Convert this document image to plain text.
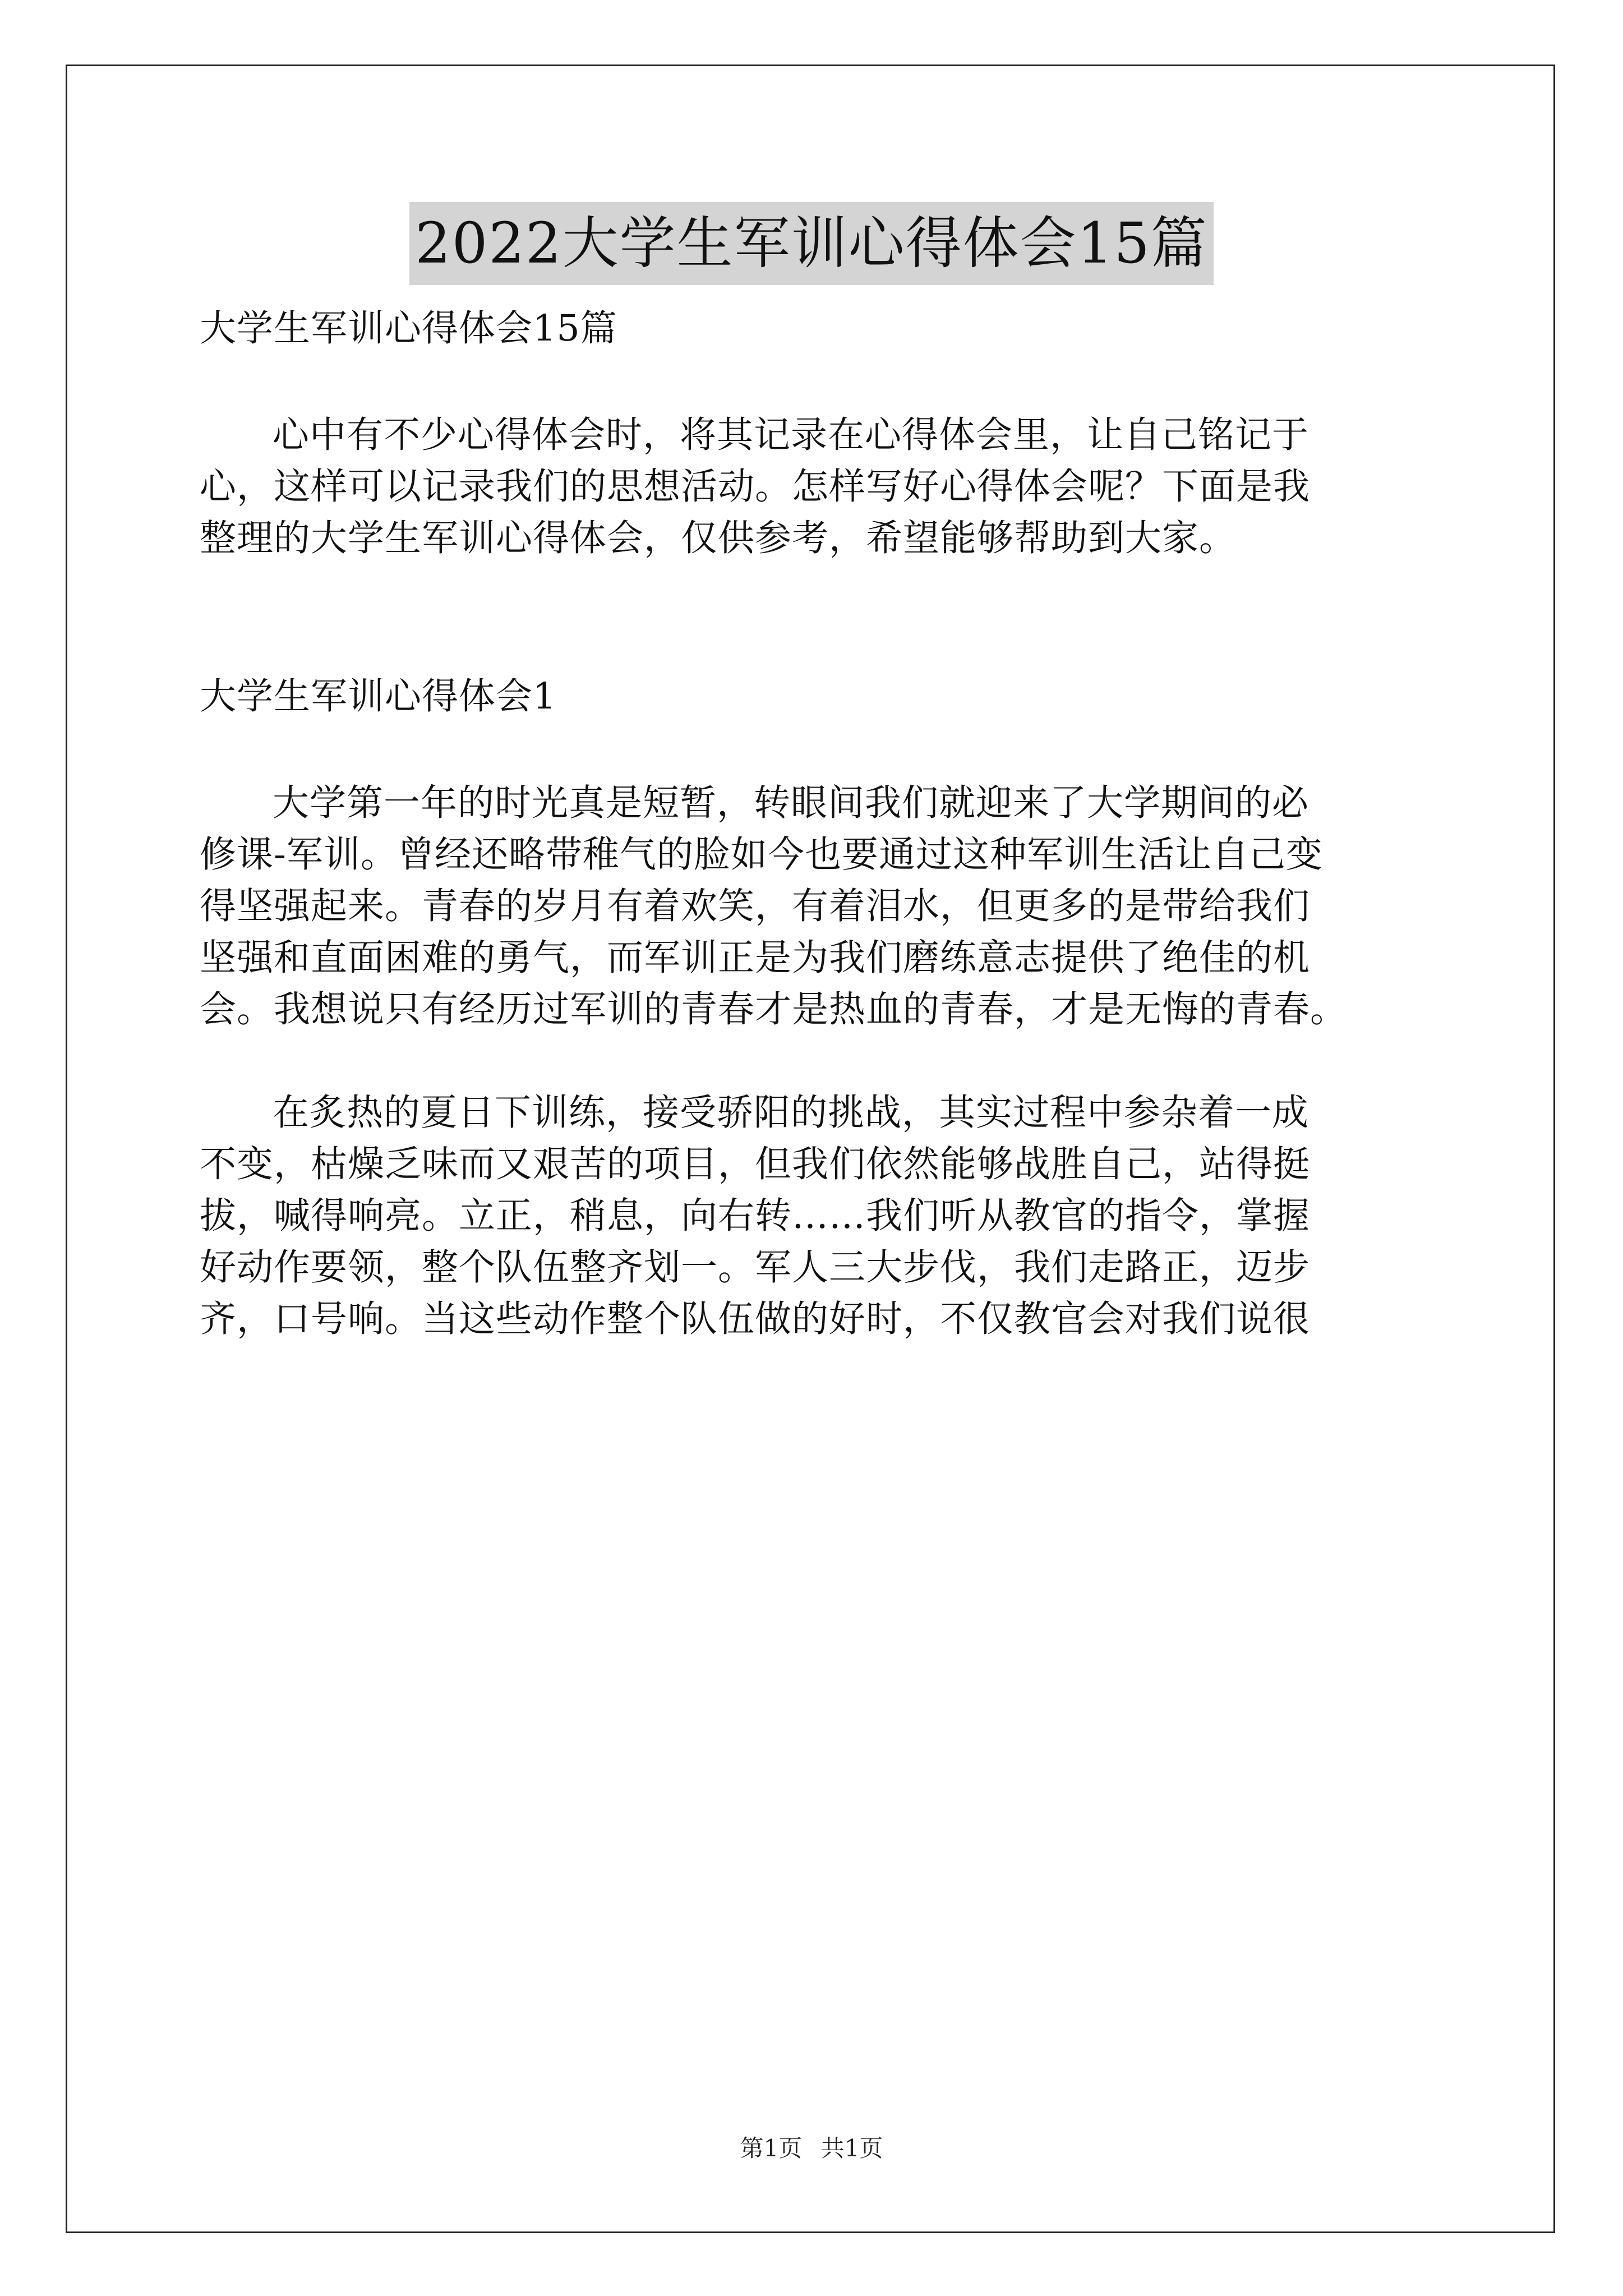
2022大学生军训心得体会15篇

大学生军训心得体会15篇

心中有不少心得体会时，将其记录在心得体会里，让自己铭记于

心，这样可以记录我们的思想活动。怎样写好心得体会呢？下面是我

整理的大学生军训心得体会，仅供参考，希望能够帮助到大家。

大学生军训心得体会1

大学第一年的时光真是短暂，转眼间我们就迎来了大学期间的必

修课-军训。曾经还略带稚气的脸如今也要通过这种军训生活让自己变

得坚强起来。青春的岁月有着欢笑，有着泪水，但更多的是带给我们

坚强和直面困难的勇气，而军训正是为我们磨练意志提供了绝佳的机

会。我想说只有经历过军训的青春才是热血的青春，才是无悔的青春。

在炙热的夏日下训练，接受骄阳的挑战，其实过程中参杂着一成

不变，枯燥乏味而又艰苦的项目，但我们依然能够战胜自己，站得挺

拔，喊得响亮。立正，稍息，向右转……我们听从教官的指令，掌握

好动作要领，整个队伍整齐划一。军人三大步伐，我们走路正，迈步

齐，口号响。当这些动作整个队伍做的好时，不仅教官会对我们说很

第1页 共1页
